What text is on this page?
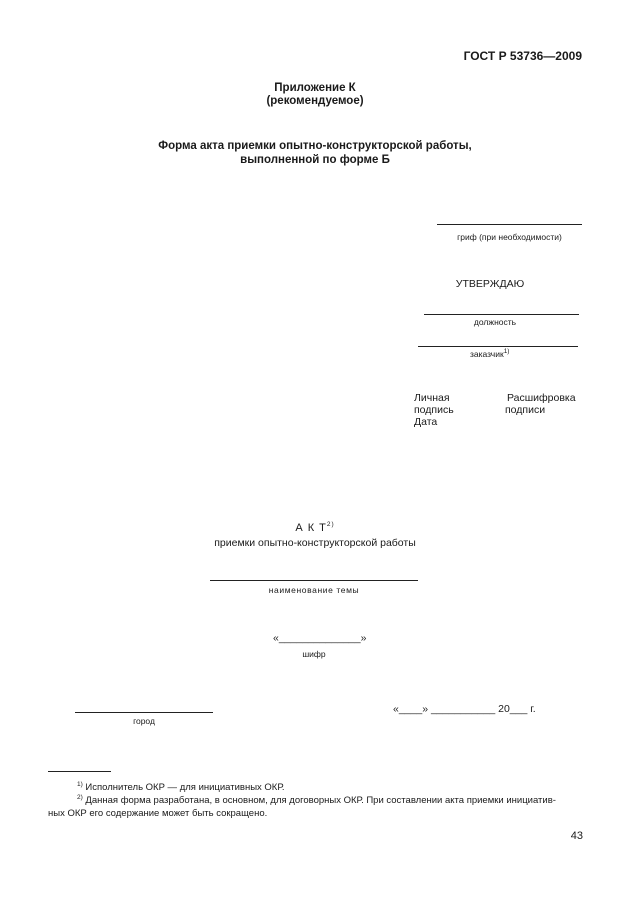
ГОСТ Р 53736—2009
Приложение К
(рекомендуемое)
Форма акта приемки опытно-конструкторской работы,
выполненной по форме Б
гриф (при необходимости)
УТВЕРЖДАЮ
должность
заказчик$^{1)}$
Личная
подпись
Дата
Расшифровка
подписи
А К $Т^{2)}$
приемки опытно-конструкторской работы
наименование темы
«______________»
шифр
город
«____» ___________ 20___ г.
$^{1)}$ Исполнитель ОКР — для инициативных ОКР.
$^{2)}$ Данная форма разработана, в основном, для договорных ОКР. При составлении акта приемки инициатив-
ных ОКР его содержание может быть сокращено.
43
